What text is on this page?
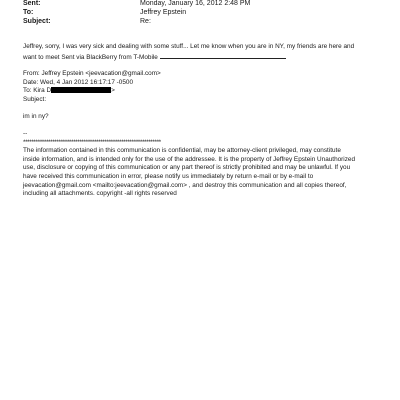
Sent:	Monday, January 16, 2012 2:48 PM
To:	Jeffrey Epstein
Subject:	Re:
Jeffrey, sorry, I was very sick and dealing with some stuff... Let me know when you are in NY, my friends are here and
want to meet Sent via BlackBerry from T-Mobile
From: Jeffrey Epstein <jeevacation@gmail.com>
Date: Wed, 4 Jan 2012 16:17:17 -0500
To: Kira D	>
Subject:
im in ny?
--
******************************************************************
The information contained in this communication is confidential, may be attorney-client privileged, may constitute
inside information, and is intended only for the use of the addressee. It is the property of Jeffrey Epstein Unauthorized
use, disclosure or copying of this communication or any part thereof is strictly prohibited and may be unlawful. If you
have received this communication in error, please notify us immediately by return e-mail or by e-mail to
jeevacation@gmail.com <mailto:jeevacation@gmail.com> , and destroy this communication and all copies thereof,
including all attachments. copyright -all rights reserved
